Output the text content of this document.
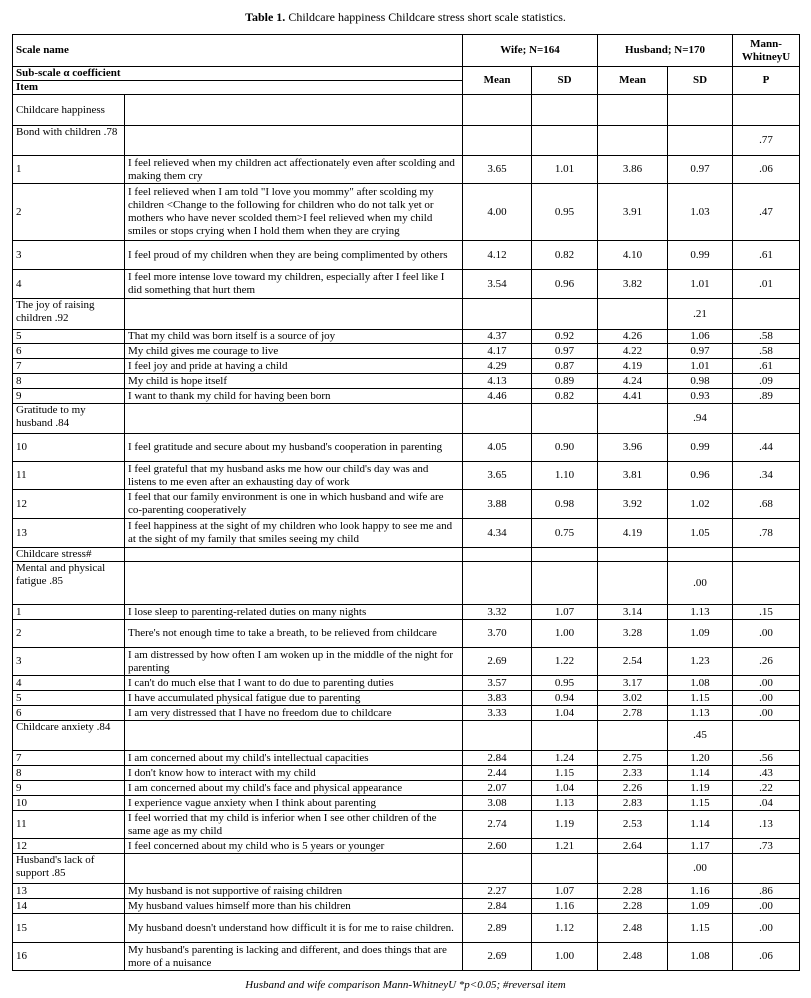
Table 1. Childcare happiness Childcare stress short scale statistics.
Scale name		Wife; N=164		Husband; N=170		Mann-WhitneyU
Sub-scale α coefficient		Mean	SD	Mean	SD	P
Item						
Childcare happiness						
Bond with children .78						.77
1	I feel relieved when my children act affectionately even after scolding and making them cry	3.65	1.01	3.86	0.97	.06
2	I feel relieved when I am told "I love you mommy" after scolding my children <Change to the following for children who do not talk yet or mothers who have never scolded them>I feel relieved when my child smiles or stops crying when I hold them when they are crying	4.00	0.95	3.91	1.03	.47
3	I feel proud of my children when they are being complimented by others	4.12	0.82	4.10	0.99	.61
4	I feel more intense love toward my children, especially after I feel like I did something that hurt them	3.54	0.96	3.82	1.01	.01
The joy of raising children .92					.21	
5	That my child was born itself is a source of joy	4.37	0.92	4.26	1.06	.58
6	My child gives me courage to live	4.17	0.97	4.22	0.97	.58
7	I feel joy and pride at having a child	4.29	0.87	4.19	1.01	.61
8	My child is hope itself	4.13	0.89	4.24	0.98	.09
9	I want to thank my child for having been born	4.46	0.82	4.41	0.93	.89
Gratitude to my husband .84					.94	
10	I feel gratitude and secure about my husband's cooperation in parenting	4.05	0.90	3.96	0.99	.44
11	I feel grateful that my husband asks me how our child's day was and listens to me even after an exhausting day of work	3.65	1.10	3.81	0.96	.34
12	I feel that our family environment is one in which husband and wife are co-parenting cooperatively	3.88	0.98	3.92	1.02	.68
13	I feel happiness at the sight of my children who look happy to see me and at the sight of my family that smiles seeing my child	4.34	0.75	4.19	1.05	.78
Childcare stress#						
Mental and physical fatigue .85					.00	
1	I lose sleep to parenting-related duties on many nights	3.32	1.07	3.14	1.13	.15
2	There's not enough time to take a breath, to be relieved from childcare	3.70	1.00	3.28	1.09	.00
3	I am distressed by how often I am woken up in the middle of the night for parenting	2.69	1.22	2.54	1.23	.26
4	I can't do much else that I want to do due to parenting duties	3.57	0.95	3.17	1.08	.00
5	I have accumulated physical fatigue due to parenting	3.83	0.94	3.02	1.15	.00
6	I am very distressed that I have no freedom due to childcare	3.33	1.04	2.78	1.13	.00
Childcare anxiety .84					.45	
7	I am concerned about my child's intellectual capacities	2.84	1.24	2.75	1.20	.56
8	I don't know how to interact with my child	2.44	1.15	2.33	1.14	.43
9	I am concerned about my child's face and physical appearance	2.07	1.04	2.26	1.19	.22
10	I experience vague anxiety when I think about parenting	3.08	1.13	2.83	1.15	.04
11	I feel worried that my child is inferior when I see other children of the same age as my child	2.74	1.19	2.53	1.14	.13
12	I feel concerned about my child who is 5 years or younger	2.60	1.21	2.64	1.17	.73
Husband's lack of support .85					.00	
13	My husband is not supportive of raising children	2.27	1.07	2.28	1.16	.86
14	My husband values himself more than his children	2.84	1.16	2.28	1.09	.00
15	My husband doesn't understand how difficult it is for me to raise children.	2.89	1.12	2.48	1.15	.00
16	My husband's parenting is lacking and different, and does things that are more of a nuisance	2.69	1.00	2.48	1.08	.06
Husband and wife comparison Mann-WhitneyU *p<0.05; #reversal item
